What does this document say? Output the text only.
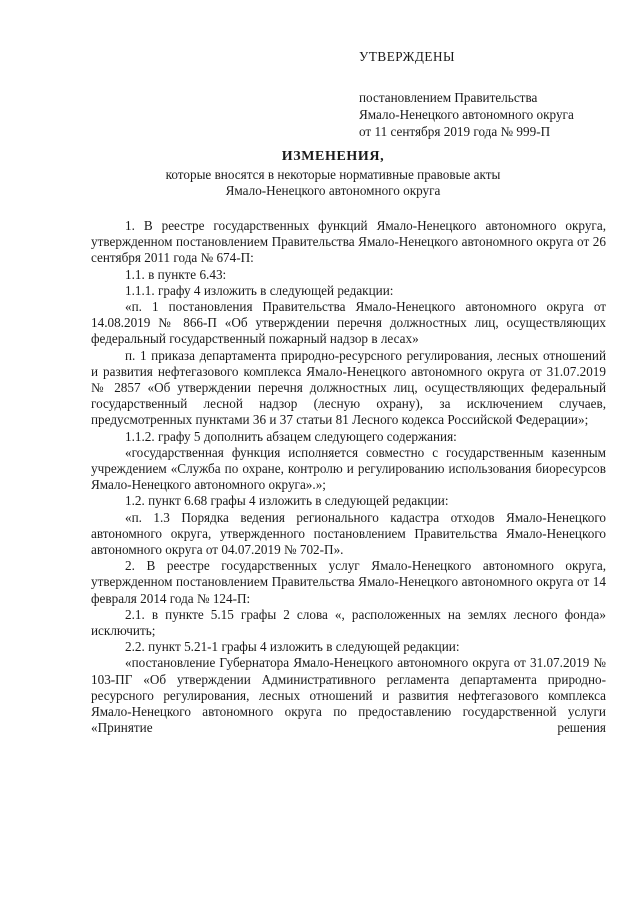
УТВЕРЖДЕНЫ
постановлением Правительства
Ямало-Ненецкого автономного округа
от 11 сентября 2019 года № 999-П
ИЗМЕНЕНИЯ,
которые вносятся в некоторые нормативные правовые акты
Ямало-Ненецкого автономного округа

1. В реестре государственных функций Ямало-Ненецкого автономного округа, утвержденном постановлением Правительства Ямало-Ненецкого автономного округа от 26 сентября 2011 года № 674-П:

1.1. в пункте 6.43:

1.1.1. графу 4 изложить в следующей редакции:

«п. 1 постановления Правительства Ямало-Ненецкого автономного округа от 14.08.2019 № 866-П «Об утверждении перечня должностных лиц, осуществляющих федеральный государственный пожарный надзор в лесах»

п. 1 приказа департамента природно-ресурсного регулирования, лесных отношений и развития нефтегазового комплекса Ямало-Ненецкого автономного округа от 31.07.2019 № 2857 «Об утверждении перечня должностных лиц, осуществляющих федеральный государственный лесной надзор (лесную охрану), за исключением случаев, предусмотренных пунктами 36 и 37 статьи 81 Лесного кодекса Российской Федерации»;

1.1.2. графу 5 дополнить абзацем следующего содержания:

«государственная функция исполняется совместно с государственным казенным учреждением «Служба по охране, контролю и регулированию использования биоресурсов Ямало-Ненецкого автономного округа».»;

1.2. пункт 6.68 графы 4 изложить в следующей редакции:

«п. 1.3 Порядка ведения регионального кадастра отходов Ямало-Ненецкого автономного округа, утвержденного постановлением Правительства Ямало-Ненецкого автономного округа от 04.07.2019 № 702-П».

2. В реестре государственных услуг Ямало-Ненецкого автономного округа, утвержденном постановлением Правительства Ямало-Ненецкого автономного округа от 14 февраля 2014 года № 124-П:

2.1. в пункте 5.15 графы 2 слова «, расположенных на землях лесного фонда» исключить;

2.2. пункт 5.21-1 графы 4 изложить в следующей редакции:

«постановление Губернатора Ямало-Ненецкого автономного округа от 31.07.2019 № 103-ПГ «Об утверждении Административного регламента департамента природно-ресурсного регулирования, лесных отношений и развития нефтегазового комплекса Ямало-Ненецкого автономного округа по предоставлению государственной услуги «Принятие решения
